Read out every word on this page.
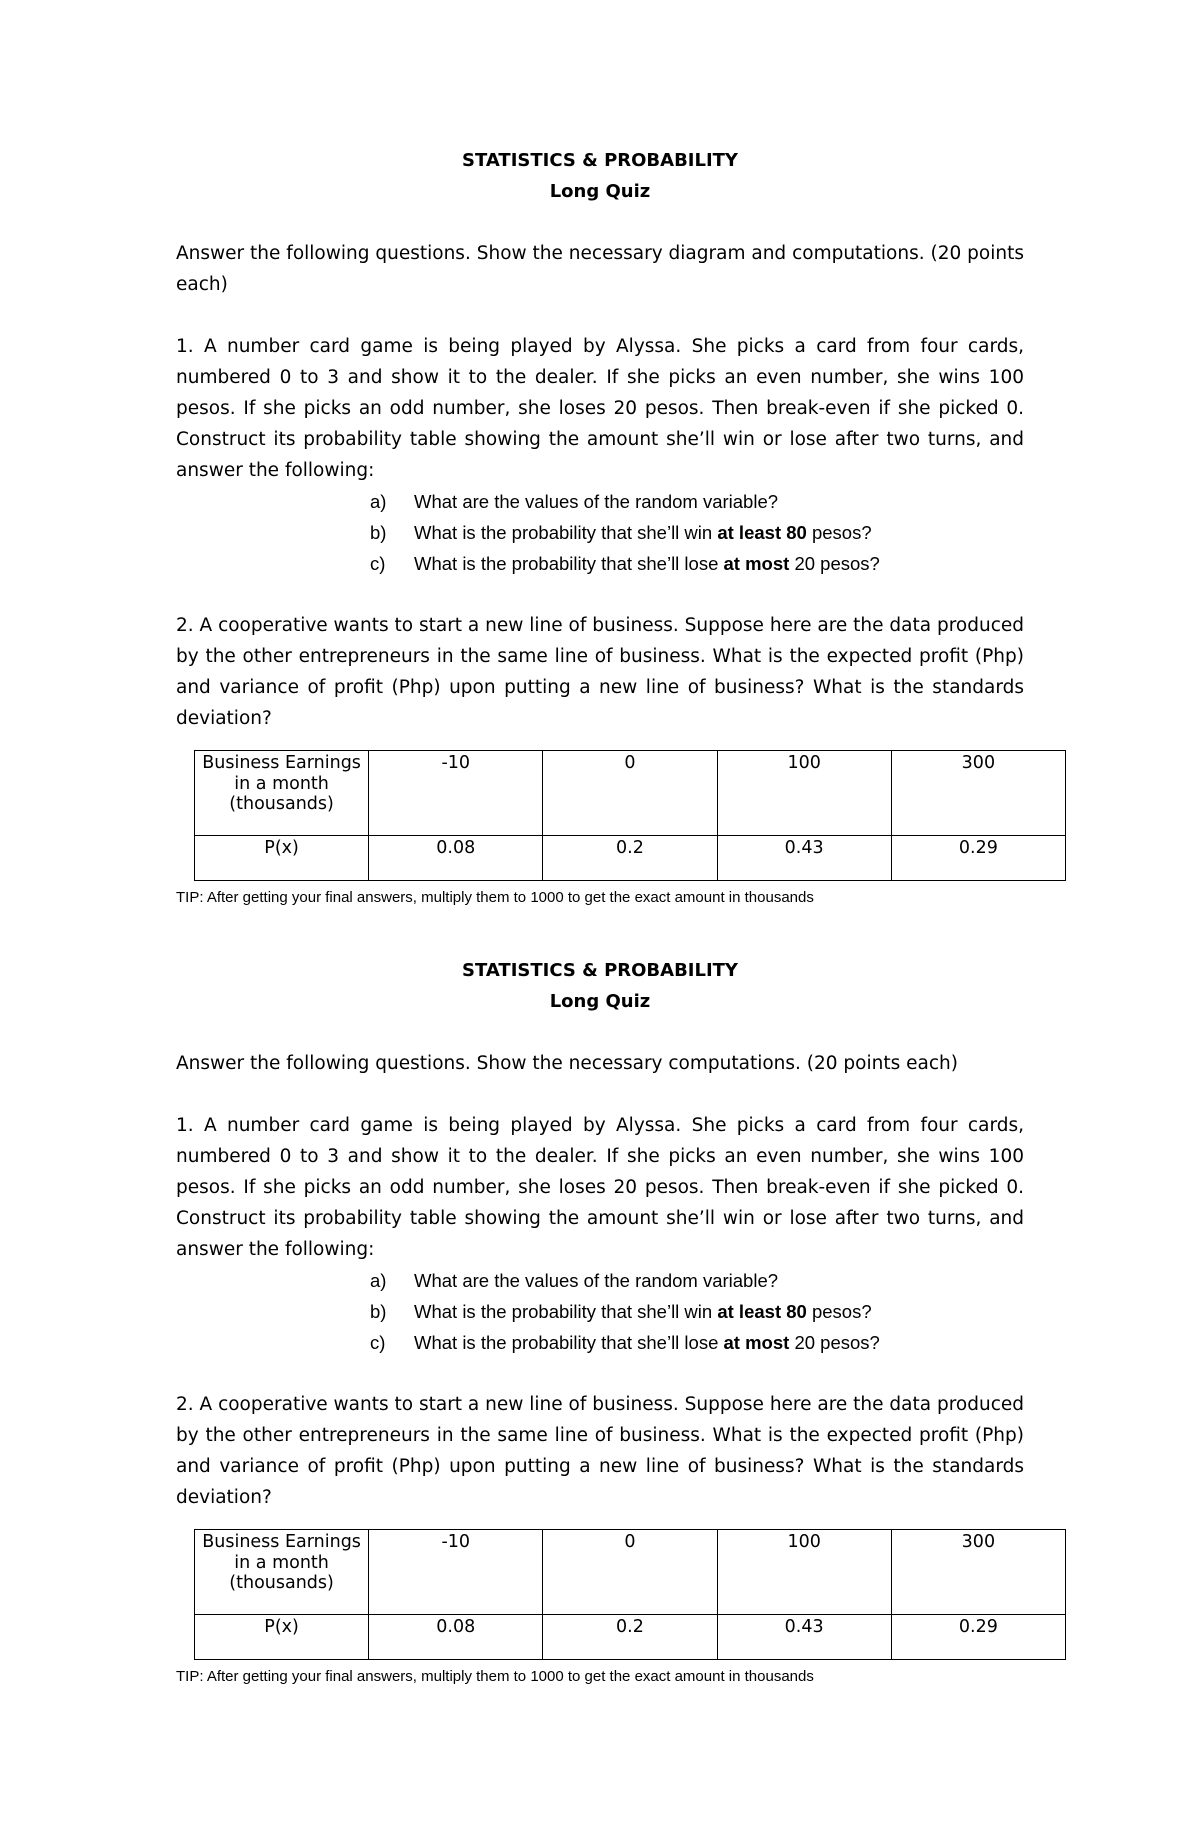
STATISTICS & PROBABILITY
Long Quiz

Answer the following questions. Show the necessary diagram and computations. (20 points each)

1. A number card game is being played by Alyssa. She picks a card from four cards, numbered 0 to 3 and show it to the dealer. If she picks an even number, she wins 100 pesos. If she picks an odd number, she loses 20 pesos. Then break-even if she picked 0. Construct its probability table showing the amount she’ll win or lose after two turns, and answer the following:

a) What are the values of the random variable?
b) What is the probability that she’ll win at least 80 pesos?
c) What is the probability that she’ll lose at most 20 pesos?

2. A cooperative wants to start a new line of business. Suppose here are the data produced by the other entrepreneurs in the same line of business. What is the expected profit (Php) and variance of profit (Php) upon putting a new line of business? What is the standards deviation?

Business Earnings in a month (thousands)	-10	0	100	300
P(x)	0.08	0.2	0.43	0.29
TIP: After getting your final answers, multiply them to 1000 to get the exact amount in thousands
STATISTICS & PROBABILITY
Long Quiz

Answer the following questions. Show the necessary computations. (20 points each)

1. A number card game is being played by Alyssa. She picks a card from four cards, numbered 0 to 3 and show it to the dealer. If she picks an even number, she wins 100 pesos. If she picks an odd number, she loses 20 pesos. Then break-even if she picked 0. Construct its probability table showing the amount she’ll win or lose after two turns, and answer the following:

a) What are the values of the random variable?
b) What is the probability that she’ll win at least 80 pesos?
c) What is the probability that she’ll lose at most 20 pesos?

2. A cooperative wants to start a new line of business. Suppose here are the data produced by the other entrepreneurs in the same line of business. What is the expected profit (Php) and variance of profit (Php) upon putting a new line of business? What is the standards deviation?

Business Earnings in a month (thousands)	-10	0	100	300
P(x)	0.08	0.2	0.43	0.29
TIP: After getting your final answers, multiply them to 1000 to get the exact amount in thousands
